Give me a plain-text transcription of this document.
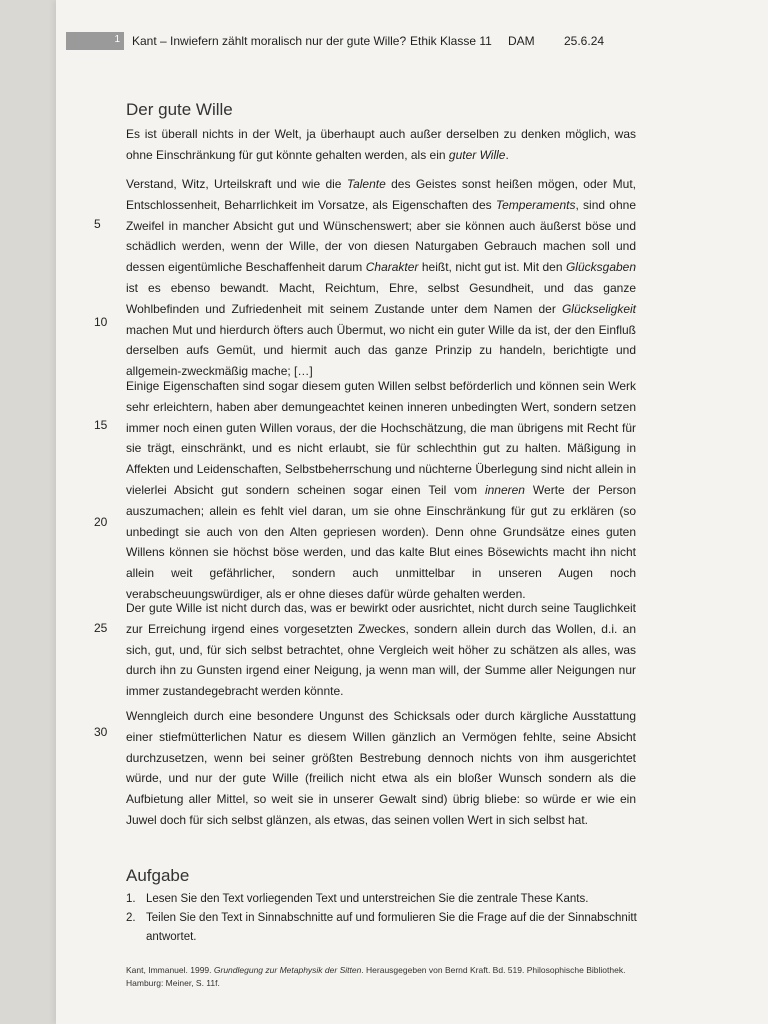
1 Kant – Inwiefern zählt moralisch nur der gute Wille? Ethik Klasse 11 DAM 25.6.24
Der gute Wille

Es ist überall nichts in der Welt, ja überhaupt auch außer derselben zu denken möglich, was ohne Einschränkung für gut könnte gehalten werden, als ein guter Wille.

Verstand, Witz, Urteilskraft und wie die Talente des Geistes sonst heißen mögen, oder Mut, Entschlossenheit, Beharrlichkeit im Vorsatze, als Eigenschaften des Temperaments, sind ohne Zweifel in mancher Absicht gut und Wünschenswert; aber sie können auch äußerst böse und schädlich werden, wenn der Wille, der von diesen Naturgaben Gebrauch machen soll und dessen eigentümliche Beschaffenheit darum Charakter heißt, nicht gut ist. Mit den Glücksgaben ist es ebenso bewandt. Macht, Reichtum, Ehre, selbst Gesundheit, und das ganze Wohlbefinden und Zufriedenheit mit seinem Zustande unter dem Namen der Glückseligkeit machen Mut und hierdurch öfters auch Übermut, wo nicht ein guter Wille da ist, der den Einfluß derselben aufs Gemüt, und hiermit auch das ganze Prinzip zu handeln, berichtigte und allgemein-zweckmäßig mache; […]

Einige Eigenschaften sind sogar diesem guten Willen selbst beförderlich und können sein Werk sehr erleichtern, haben aber demungeachtet keinen inneren unbedingten Wert, sondern setzen immer noch einen guten Willen voraus, der die Hochschätzung, die man übrigens mit Recht für sie trägt, einschränkt, und es nicht erlaubt, sie für schlechthin gut zu halten. Mäßigung in Affekten und Leidenschaften, Selbstbeherrschung und nüchterne Überlegung sind nicht allein in vielerlei Absicht gut sondern scheinen sogar einen Teil vom inneren Werte der Person auszumachen; allein es fehlt viel daran, um sie ohne Einschränkung für gut zu erklären (so unbedingt sie auch von den Alten gepriesen worden). Denn ohne Grundsätze eines guten Willens können sie höchst böse werden, und das kalte Blut eines Bösewichts macht ihn nicht allein weit gefährlicher, sondern auch unmittelbar in unseren Augen noch verabscheuungswürdiger, als er ohne dieses dafür würde gehalten werden.

Der gute Wille ist nicht durch das, was er bewirkt oder ausrichtet, nicht durch seine Tauglichkeit zur Erreichung irgend eines vorgesetzten Zweckes, sondern allein durch das Wollen, d.i. an sich, gut, und, für sich selbst betrachtet, ohne Vergleich weit höher zu schätzen als alles, was durch ihn zu Gunsten irgend einer Neigung, ja wenn man will, der Summe aller Neigungen nur immer zustandegebracht werden könnte.

Wenngleich durch eine besondere Ungunst des Schicksals oder durch kärgliche Ausstattung einer stiefmütterlichen Natur es diesem Willen gänzlich an Vermögen fehlte, seine Absicht durchzusetzen, wenn bei seiner größten Bestrebung dennoch nichts von ihm ausgerichtet würde, und nur der gute Wille (freilich nicht etwa als ein bloßer Wunsch sondern als die Aufbietung aller Mittel, so weit sie in unserer Gewalt sind) übrig bliebe: so würde er wie ein Juwel doch für sich selbst glänzen, als etwas, das seinen vollen Wert in sich selbst hat.

5
10
15
20
25
30
Aufgabe
1. Lesen Sie den Text vorliegenden Text und unterstreichen Sie die zentrale These Kants.
2. Teilen Sie den Text in Sinnabschnitte auf und formulieren Sie die Frage auf die der Sinnabschnitt antwortet.
Kant, Immanuel. 1999. Grundlegung zur Metaphysik der Sitten. Herausgegeben von Bernd Kraft. Bd. 519. Philosophische Bibliothek. Hamburg: Meiner, S. 11f.
